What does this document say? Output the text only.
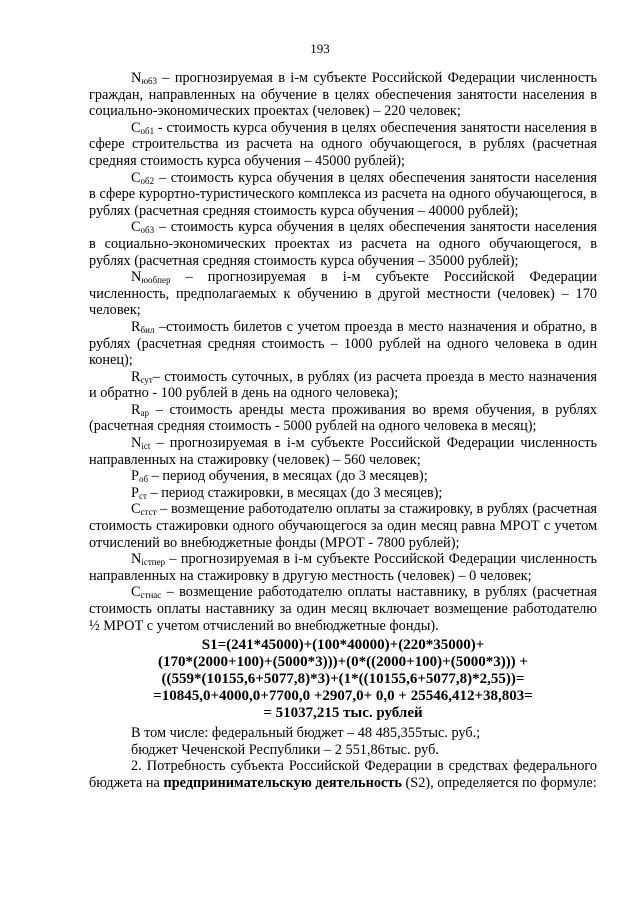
193

$N_{ю63}$ – прогнозируемая в i-м субъекте Российской Федерации численность граждан, направленных на обучение в целях обеспечения занятости населения в социально-экономических проектах (человек) – 220 человек;

$C_{об1}$ - стоимость курса обучения в целях обеспечения занятости населения в сфере строительства из расчета на одного обучающегося, в рублях (расчетная средняя стоимость курса обучения – 45000 рублей);

$C_{об2}$ – стоимость курса обучения в целях обеспечения занятости населения в сфере курортно-туристического комплекса из расчета на одного обучающегося, в рублях (расчетная средняя стоимость курса обучения – 40000 рублей);

$C_{об3}$ – стоимость курса обучения в целях обеспечения занятости населения в социально-экономических проектах из расчета на одного обучающегося, в рублях (расчетная средняя стоимость курса обучения – 35000 рублей);

$N_{юобпер}$ – прогнозируемая в i-м субъекте Российской Федерации численность, предполагаемых к обучению в другой местности (человек) – 170 человек;

$R_{бил}$ –стоимость билетов с учетом проезда в место назначения и обратно, в рублях (расчетная средняя стоимость – 1000 рублей на одного человека в один конец);

$R_{сут}-$ стоимость суточных, в рублях (из расчета проезда в место назначения и обратно - 100 рублей в день на одного человека);

$R_{ар}$ – стоимость аренды места проживания во время обучения, в рублях (расчетная средняя стоимость - 5000 рублей на одного человека в месяц);

$N_{ict}$ – прогнозируемая в i-м субъекте Российской Федерации численность направленных на стажировку (человек) – 560 человек;

$P_{об}$ – период обучения, в месяцах (до 3 месяцев);

$P_{ст}$ – период стажировки, в месяцах (до 3 месяцев);

$C_{стст}$ – возмещение работодателю оплаты за стажировку, в рублях (расчетная стоимость стажировки одного обучающегося за один месяц равна МРОТ с учетом отчислений во внебюджетные фонды (МРОТ - 7800 рублей);

$N_{iстпер}$ – прогнозируемая в i-м субъекте Российской Федерации численность направленных на стажировку в другую местность (человек) – 0 человек;

$C_{стнас}$ – возмещение работодателю оплаты наставнику, в рублях (расчетная стоимость оплаты наставнику за один месяц включает возмещение работодателю ½ МРОТ с учетом отчислений во внебюджетные фонды).

S1=(241*45000)+(100*40000)+(220*35000)+

(170*(2000+100)+(5000*3)))+(0*((2000+100)+(5000*3))) +

((559*(10155,6+5077,8)*3)+(1*((10155,6+5077,8)*2,55))=

=10845,0+4000,0+7700,0 +2907,0+ 0,0 + 25546,412+38,803=

= 51037,215 тыс. рублей

В том числе: федеральный бюджет – 48 485,355тыс. руб.;

бюджет Чеченской Республики – 2 551,86тыс. руб.

2. Потребность субъекта Российской Федерации в средствах федерального бюджета на предпринимательскую деятельность (S2), определяется по формуле:
